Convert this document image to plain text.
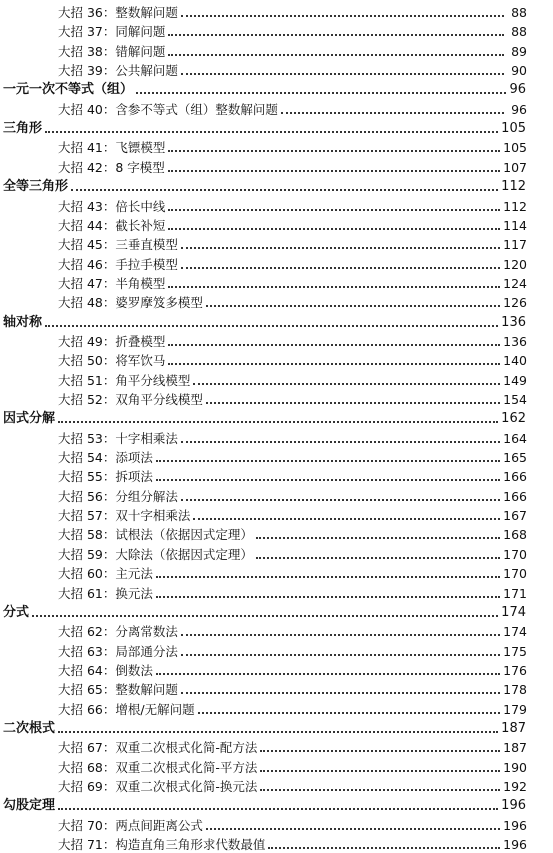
大招 36：整数解问题	88
大招 37：同解问题	88
大招 38：错解问题	89
大招 39：公共解问题	90
一元一次不等式（组）	96
大招 40：含参不等式（组）整数解问题	96
三角形	105
大招 41：飞镖模型	105
大招 42：8 字模型	107
全等三角形	112
大招 43：倍长中线	112
大招 44：截长补短	114
大招 45：三垂直模型	117
大招 46：手拉手模型	120
大招 47：半角模型	124
大招 48：婆罗摩笈多模型	126
轴对称	136
大招 49：折叠模型	136
大招 50：将军饮马	140
大招 51：角平分线模型	149
大招 52：双角平分线模型	154
因式分解	162
大招 53：十字相乘法	164
大招 54：添项法	165
大招 55：拆项法	166
大招 56：分组分解法	166
大招 57：双十字相乘法	167
大招 58：试根法（依据因式定理）	168
大招 59：大除法（依据因式定理）	170
大招 60：主元法	170
大招 61：换元法	171
分式	174
大招 62：分离常数法	174
大招 63：局部通分法	175
大招 64：倒数法	176
大招 65：整数解问题	178
大招 66：增根/无解问题	179
二次根式	187
大招 67：双重二次根式化简-配方法	187
大招 68：双重二次根式化简-平方法	190
大招 69：双重二次根式化简-换元法	192
勾股定理	196
大招 70：两点间距离公式	196
大招 71：构造直角三角形求代数最值	196
